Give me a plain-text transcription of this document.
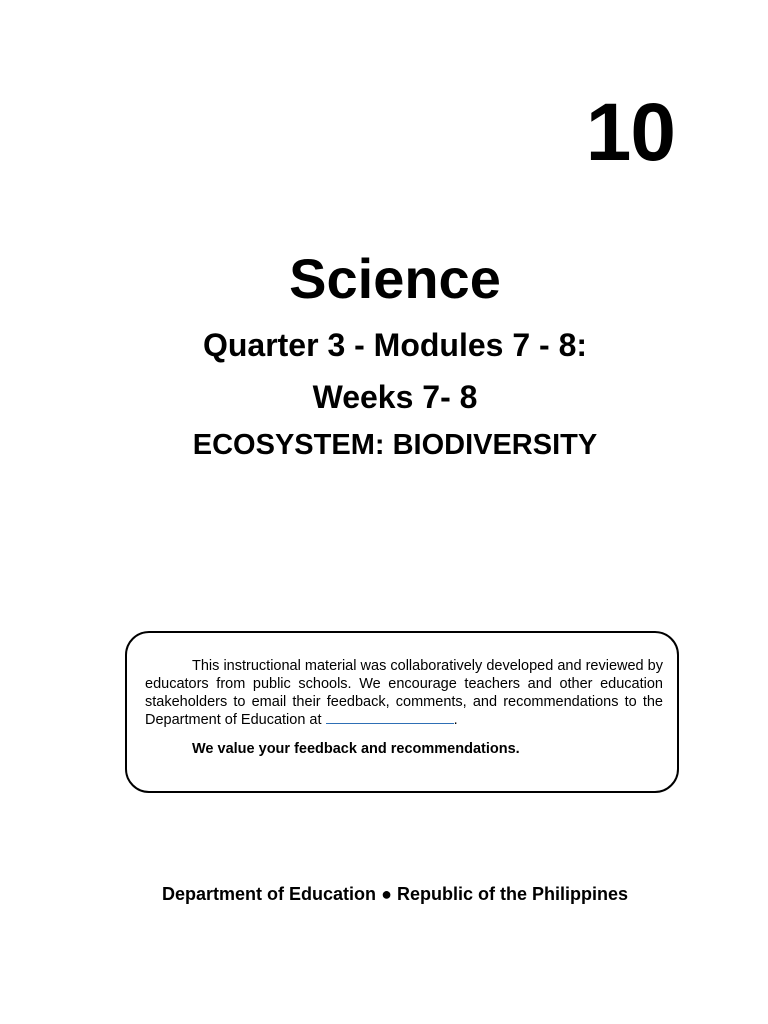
10
Science
Quarter 3 - Modules 7 - 8:
Weeks 7- 8
ECOSYSTEM: BIODIVERSITY
This instructional material was collaboratively developed and reviewed by educators from public schools. We encourage teachers and other education stakeholders to email their feedback, comments, and recommendations to the Department of Education at	.
We value your feedback and recommendations.
Department of Education ● Republic of the Philippines
